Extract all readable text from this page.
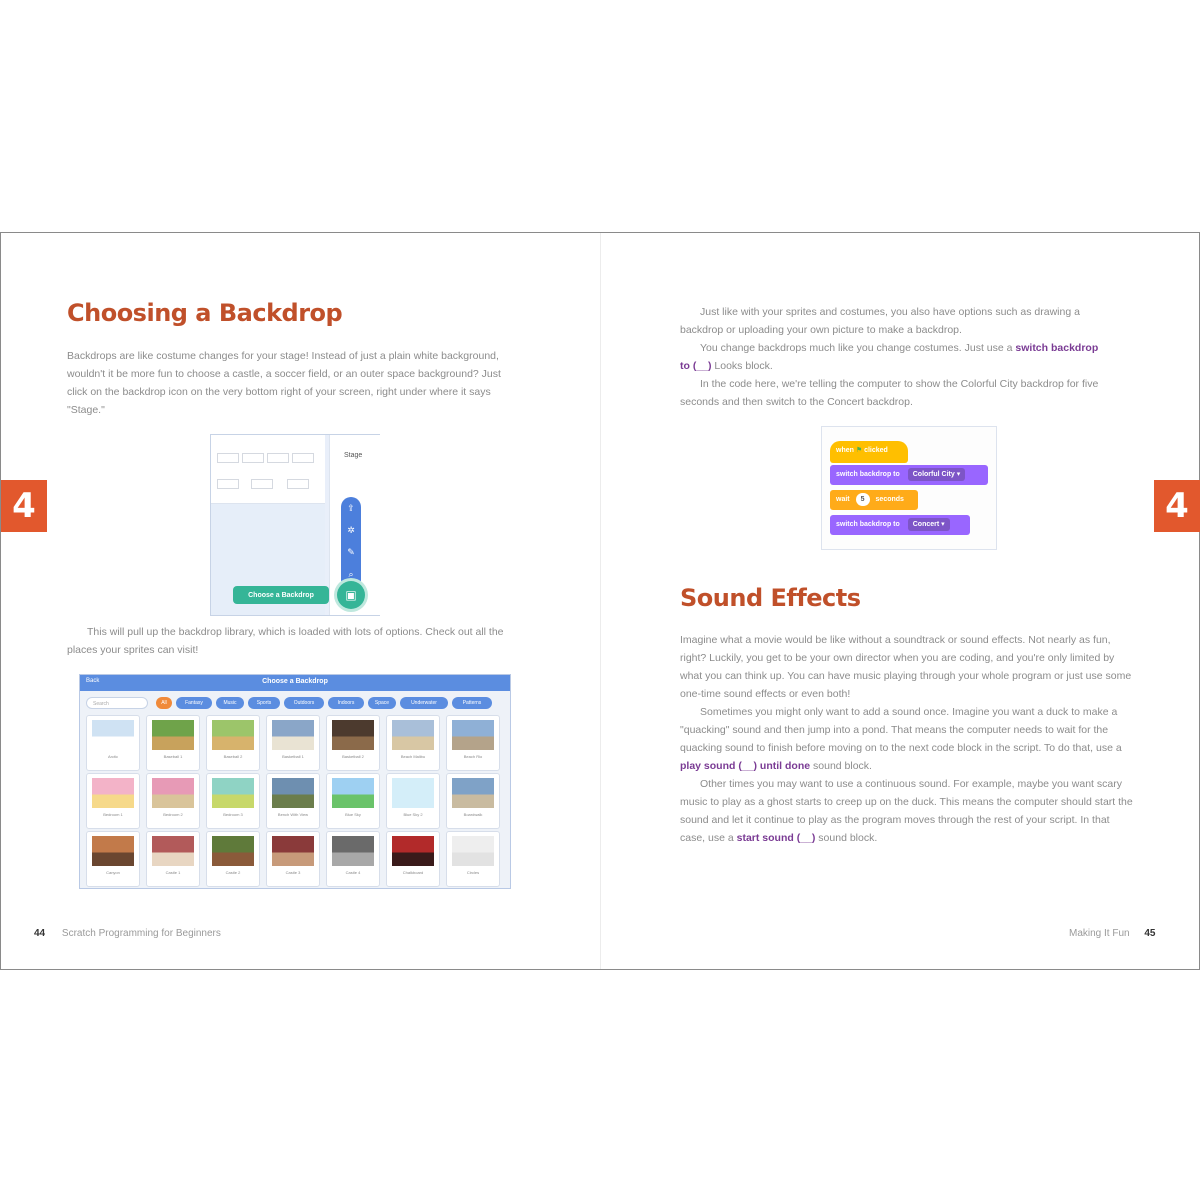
Choosing a Backdrop

Backdrops are like costume changes for your stage! Instead of just a plain white background, wouldn't it be more fun to choose a castle, a soccer field, or an outer space background? Just click on the backdrop icon on the very bottom right of your screen, right under where it says "Stage."

4
Stage
⇪
✲
✎
⌕
Choose a Backdrop	▣

This will pull up the backdrop library, which is loaded with lots of options. Check out all the places your sprites can visit!

Back	Choose a Backdrop
Search	All	Fantasy	Music	Sports	Outdoors	Indoors	Space	Underwater	Patterns
Arctic	Baseball 1	Baseball 2	Basketball 1	Basketball 2	Beach Malibu	Beach Rio
Bedroom 1	Bedroom 2	Bedroom 3	Bench With View	Blue Sky	Blue Sky 2	Boardwalk
Canyon	Castle 1	Castle 2	Castle 3	Castle 4	Chalkboard	Circles
44 Scratch Programming for Beginners

Just like with your sprites and costumes, you also have options such as drawing a backdrop or uploading your own picture to make a backdrop.
You change backdrops much like you change costumes. Just use a switch backdrop to (__) Looks block.
In the code here, we're telling the computer to show the Colorful City backdrop for five seconds and then switch to the Concert backdrop.

when ⚑ clicked
switch backdrop to Colorful City ▾
wait 5 seconds
switch backdrop to Concert ▾
Sound Effects

Imagine what a movie would be like without a soundtrack or sound effects. Not nearly as fun, right? Luckily, you get to be your own director when you are coding, and you're only limited by what you can think up. You can have music playing through your whole program or just use some one-time sound effects or even both!
Sometimes you might only want to add a sound once. Imagine you want a duck to make a "quacking" sound and then jump into a pond. That means the computer needs to wait for the quacking sound to finish before moving on to the next code block in the script. To do that, use a play sound (__) until done sound block.
Other times you may want to use a continuous sound. For example, maybe you want scary music to play as a ghost starts to creep up on the duck. This means the computer should start the sound and let it continue to play as the program moves through the rest of your script. In that case, use a start sound (__) sound block.

4
Making It Fun 45
